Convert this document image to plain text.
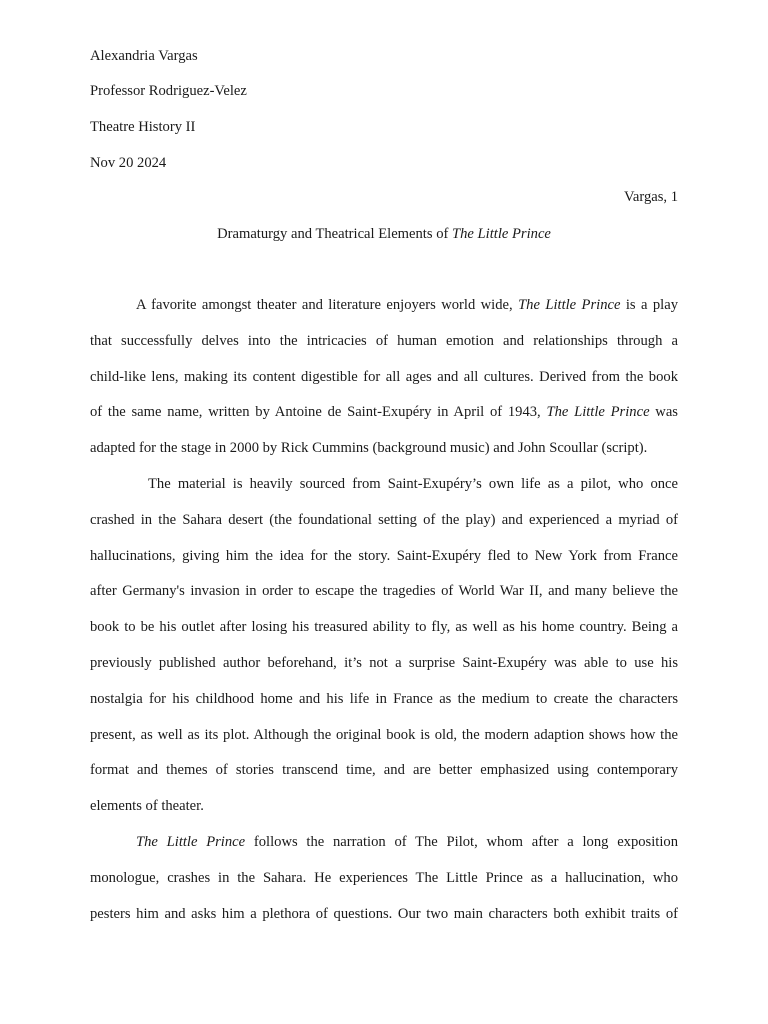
Alexandria Vargas
Professor Rodriguez-Velez
Theatre History II
Nov 20 2024
Vargas, 1
Dramaturgy and Theatrical Elements of The Little Prince
A favorite amongst theater and literature enjoyers world wide, The Little Prince is a play
that successfully delves into the intricacies of human emotion and relationships through a
child-like lens, making its content digestible for all ages and all cultures. Derived from the book
of the same name, written by Antoine de Saint-Exupéry in April of 1943, The Little Prince was
adapted for the stage in 2000 by Rick Cummins (background music) and John Scoullar (script).
The material is heavily sourced from Saint-Exupéry’s own life as a pilot, who once
crashed in the Sahara desert (the foundational setting of the play) and experienced a myriad of
hallucinations, giving him the idea for the story. Saint-Exupéry fled to New York from France
after Germany's invasion in order to escape the tragedies of World War II, and many believe the
book to be his outlet after losing his treasured ability to fly, as well as his home country. Being a
previously published author beforehand, it’s not a surprise Saint-Exupéry was able to use his
nostalgia for his childhood home and his life in France as the medium to create the characters
present, as well as its plot. Although the original book is old, the modern adaption shows how the
format and themes of stories transcend time, and are better emphasized using contemporary
elements of theater.
The Little Prince follows the narration of The Pilot, whom after a long exposition
monologue, crashes in the Sahara. He experiences The Little Prince as a hallucination, who
pesters him and asks him a plethora of questions. Our two main characters both exhibit traits of
